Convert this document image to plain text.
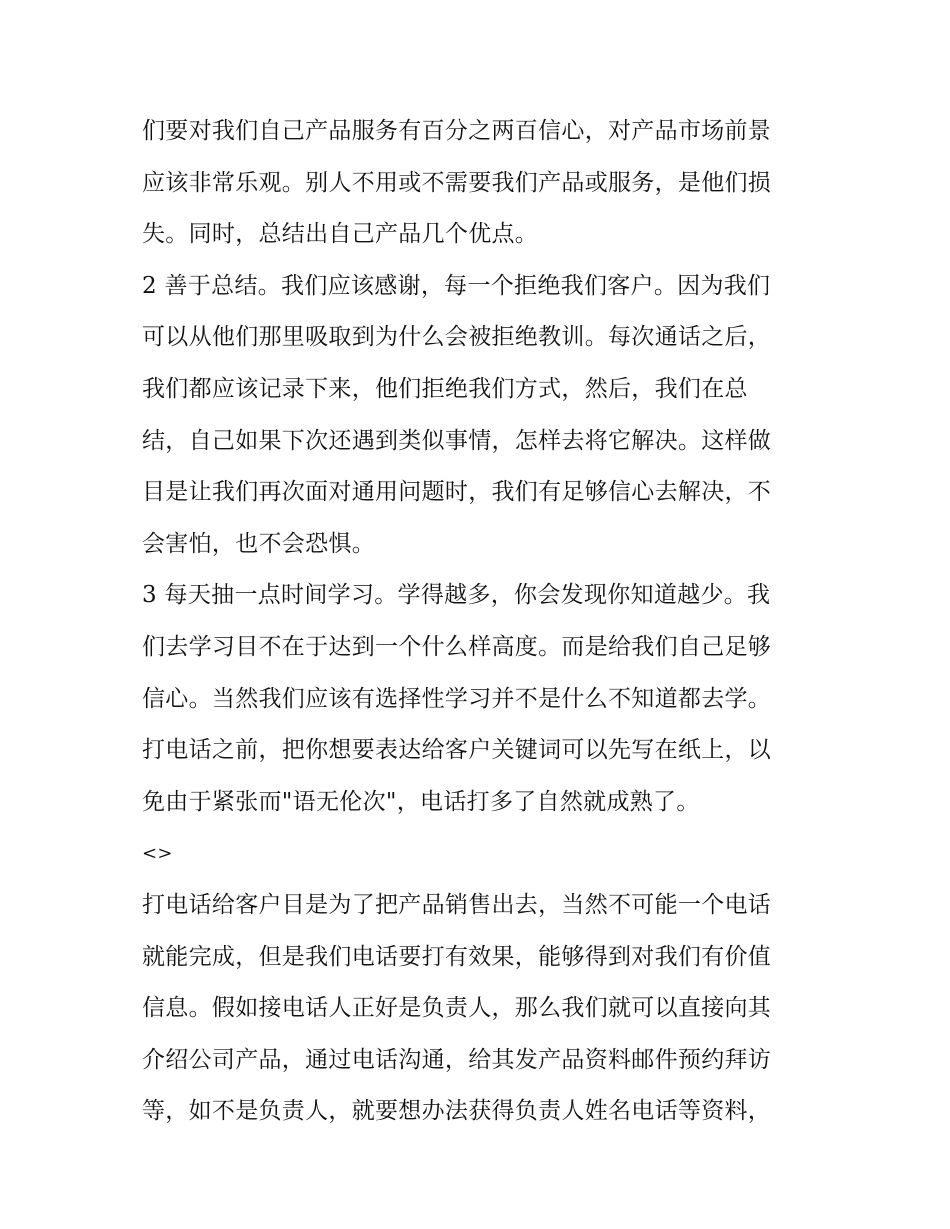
们要对我们自己产品服务有百分之两百信心，对产品市场前景
应该非常乐观。别人不用或不需要我们产品或服务，是他们损
失。同时，总结出自己产品几个优点。
2 善于总结。我们应该感谢，每一个拒绝我们客户。因为我们
可以从他们那里吸取到为什么会被拒绝教训。每次通话之后，
我们都应该记录下来，他们拒绝我们方式，然后，我们在总
结，自己如果下次还遇到类似事情，怎样去将它解决。这样做
目是让我们再次面对通用问题时，我们有足够信心去解决，不
会害怕，也不会恐惧。
3 每天抽一点时间学习。学得越多，你会发现你知道越少。我
们去学习目不在于达到一个什么样高度。而是给我们自己足够
信心。当然我们应该有选择性学习并不是什么不知道都去学。
打电话之前，把你想要表达给客户关键词可以先写在纸上，以
免由于紧张而"语无伦次"，电话打多了自然就成熟了。
<>
打电话给客户目是为了把产品销售出去，当然不可能一个电话
就能完成，但是我们电话要打有效果，能够得到对我们有价值
信息。假如接电话人正好是负责人，那么我们就可以直接向其
介绍公司产品，通过电话沟通，给其发产品资料邮件预约拜访
等，如不是负责人，就要想办法获得负责人姓名电话等资料，
